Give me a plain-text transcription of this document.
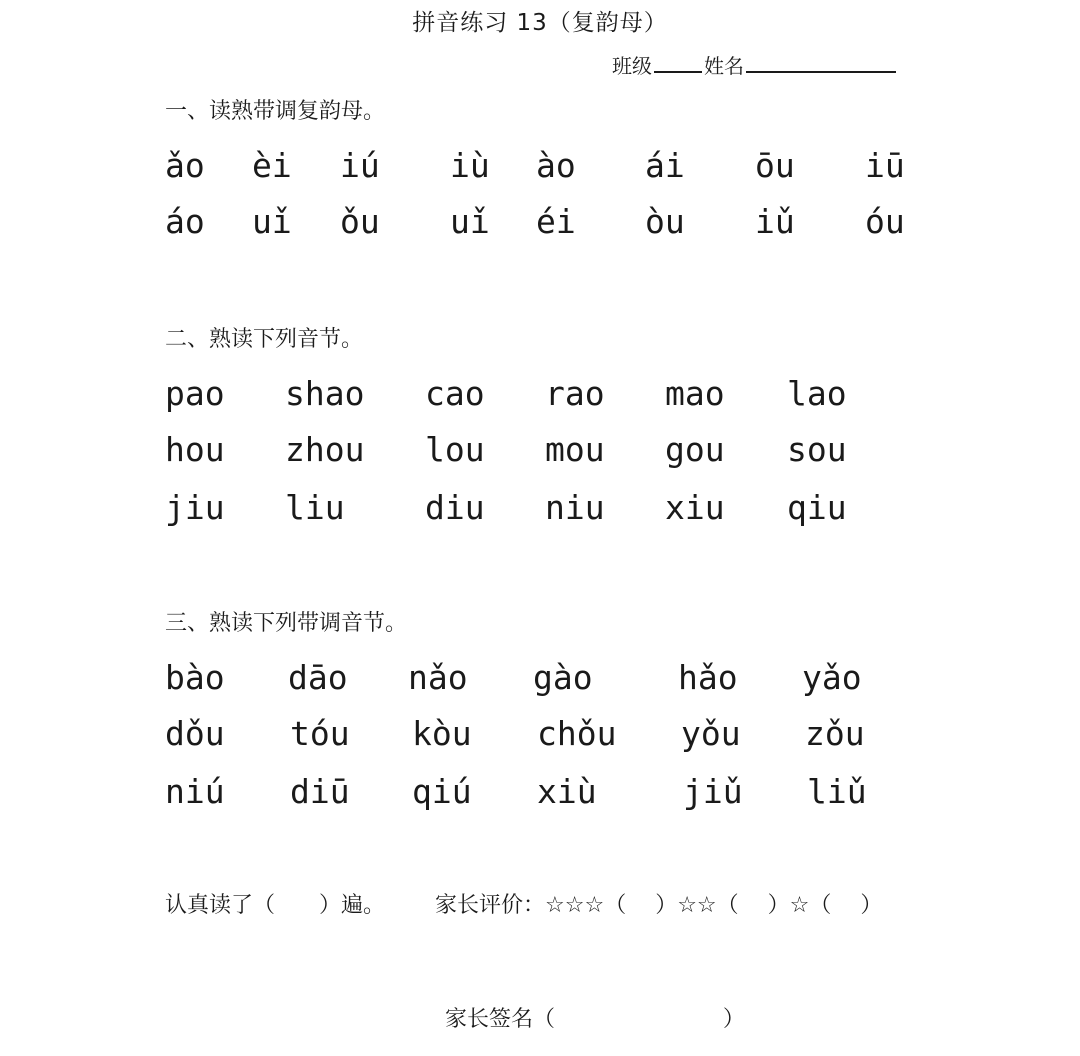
拼音练习 13（复韵母）
班级	姓名
一、读熟带调复韵母。
ǎo èi iú iù ào ái ōu iū
áo uǐ ǒu uǐ éi òu iǔ óu
二、熟读下列音节。
pao shao cao rao mao lao
hou zhou lou mou gou sou
jiu liu diu niu xiu qiu
三、熟读下列带调音节。
bào dāo nǎo gào	hǎo yǎo
dǒu tóu kòu chǒu yǒu zǒu
niú diū qiú xiù	jiǔ liǔ
认真读了（　　）遍。 家长评价：☆☆☆（　 ）☆☆（　 ）☆（　 ）
家长签名（                        ）
